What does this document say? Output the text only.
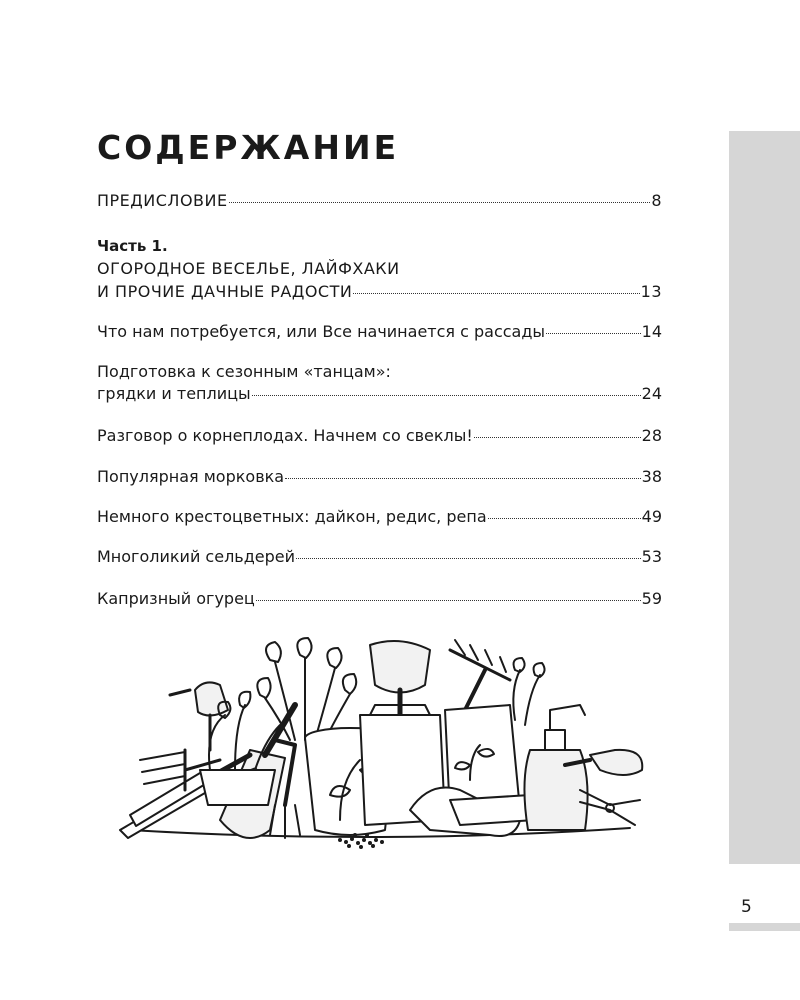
5
СОДЕРЖАНИЕ
ПРЕДИСЛОВИЕ	8
Часть 1.
ОГОРОДНОЕ ВЕСЕЛЬЕ, ЛАЙФХАКИ
И ПРОЧИЕ ДАЧНЫЕ РАДОСТИ	13
Что нам потребуется, или Все начинается с рассады	14
Подготовка к сезонным «танцам»:
грядки и теплицы	24
Разговор о корнеплодах. Начнем со свеклы!	28
Популярная морковка	38
Немного крестоцветных: дайкон, редис, репа	49
Многоликий сельдерей	53
Капризный огурец	59
